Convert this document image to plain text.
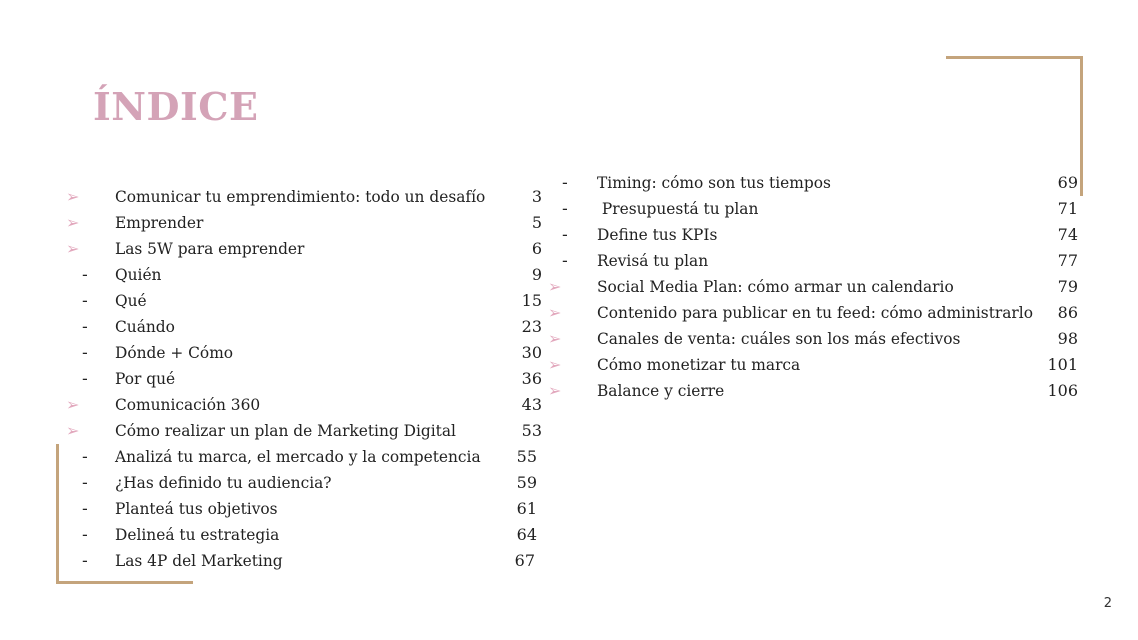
ÍNDICE
➢	Comunicar tu emprendimiento: todo un desafío	3
➢	Emprender	5
➢	Las 5W para emprender	6
-	Quién	9
-	Qué	15
-	Cuándo	23
-	Dónde + Cómo	30
-	Por qué	36
➢	Comunicación 360	43
➢	Cómo realizar un plan de Marketing Digital	53
-	Analizá tu marca, el mercado y la competencia 55
-	¿Has definido tu audiencia?	59
-	Planteá tus objetivos	61
-	Delineá tu estrategia	64
-	Las 4P del Marketing	67
-	Timing: cómo son tus tiempos	69
-	Presupuestá tu plan	71
-	Define tus KPIs	74
-	Revisá tu plan	77
➢	Social Media Plan: cómo armar un calendario	79
➢	Contenido para publicar en tu feed: cómo administrarlo 86
➢	Canales de venta: cuáles son los más efectivos	98
➢	Cómo monetizar tu marca	101
➢	Balance y cierre	106
2
